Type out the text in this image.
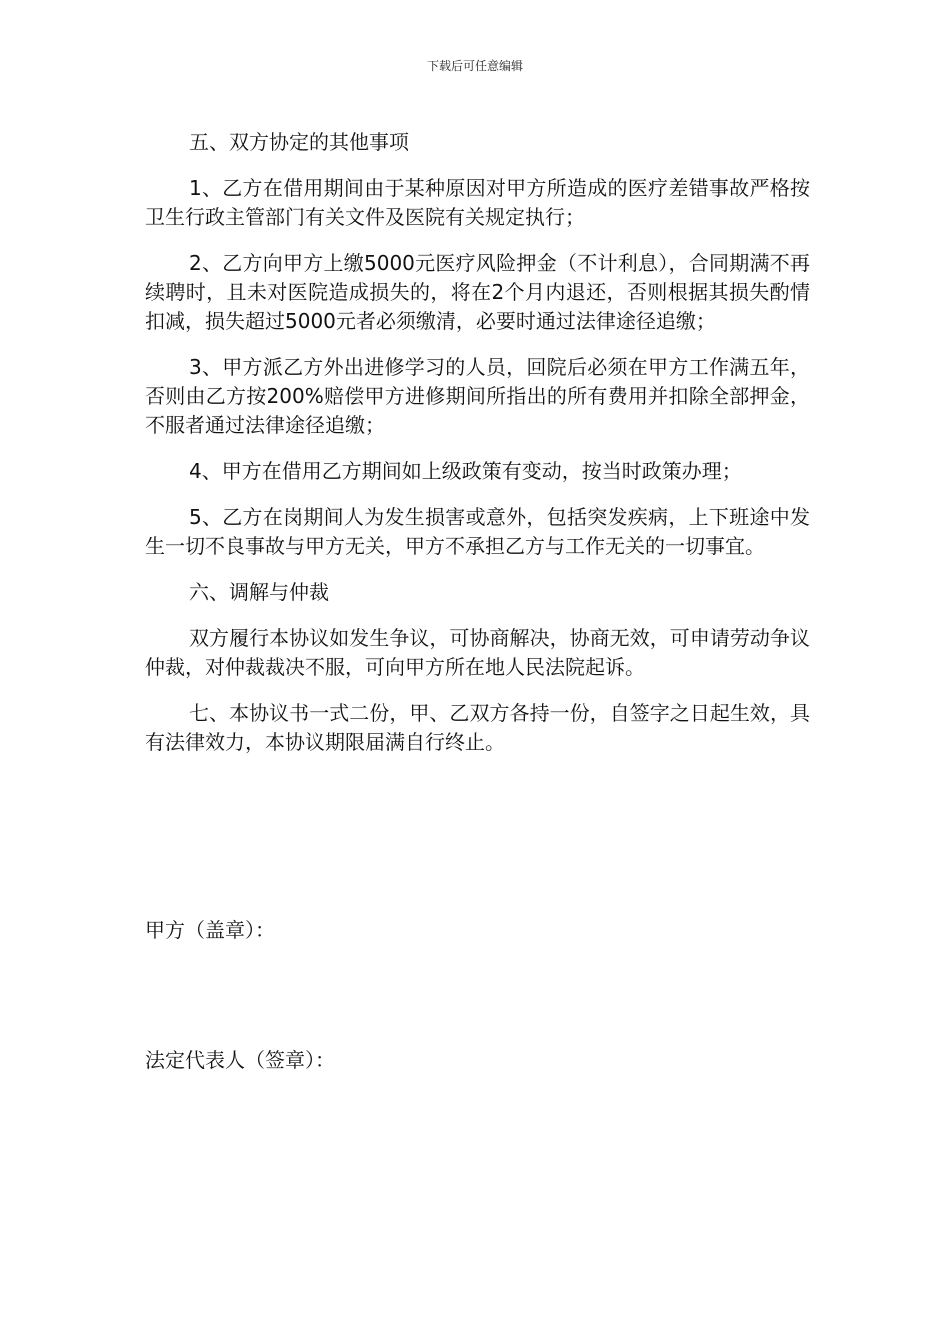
下载后可任意编辑

五、双方协定的其他事项

1、乙方在借用期间由于某种原因对甲方所造成的医疗差错事故严格按卫生行政主管部门有关文件及医院有关规定执行；

2、乙方向甲方上缴5000元医疗风险押金（不计利息），合同期满不再续聘时，且未对医院造成损失的，将在2个月内退还，否则根据其损失酌情扣减，损失超过5000元者必须缴清，必要时通过法律途径追缴；

3、甲方派乙方外出进修学习的人员，回院后必须在甲方工作满五年，否则由乙方按200%赔偿甲方进修期间所指出的所有费用并扣除全部押金，不服者通过法律途径追缴；

4、甲方在借用乙方期间如上级政策有变动，按当时政策办理；

5、乙方在岗期间人为发生损害或意外，包括突发疾病，上下班途中发生一切不良事故与甲方无关，甲方不承担乙方与工作无关的一切事宜。

六、调解与仲裁

双方履行本协议如发生争议，可协商解决，协商无效，可申请劳动争议仲裁，对仲裁裁决不服，可向甲方所在地人民法院起诉。

七、本协议书一式二份，甲、乙双方各持一份，自签字之日起生效，具有法律效力，本协议期限届满自行终止。

甲方（盖章）：
法定代表人（签章）：
